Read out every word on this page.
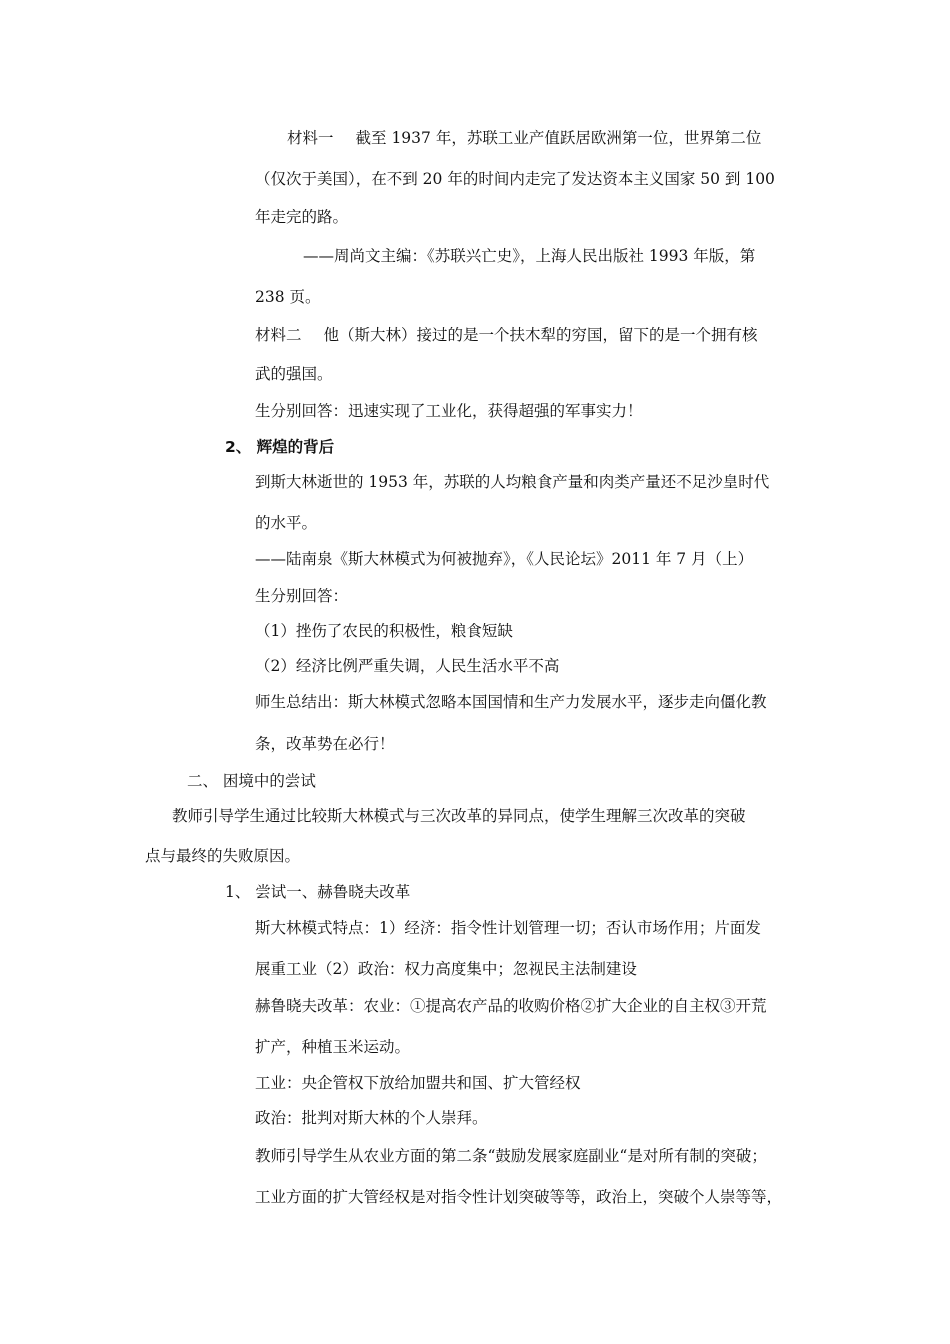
材料一 截至 1937 年，苏联工业产值跃居欧洲第一位，世界第二位
（仅次于美国），在不到 20 年的时间内走完了发达资本主义国家 50 到 100
年走完的路。
——周尚文主编：《苏联兴亡史》，上海人民出版社 1993 年版，第
238 页。
材料二 他（斯大林）接过的是一个扶木犁的穷国，留下的是一个拥有核
武的强国。
生分别回答：迅速实现了工业化，获得超强的军事实力！
2、 辉煌的背后
到斯大林逝世的 1953 年，苏联的人均粮食产量和肉类产量还不足沙皇时代
的水平。
——陆南泉《斯大林模式为何被抛弃》，《人民论坛》2011 年 7 月（上）
生分别回答：
（1）挫伤了农民的积极性，粮食短缺
（2）经济比例严重失调，人民生活水平不高
师生总结出：斯大林模式忽略本国国情和生产力发展水平，逐步走向僵化教
条，改革势在必行！
二、 困境中的尝试
教师引导学生通过比较斯大林模式与三次改革的异同点，使学生理解三次改革的突破
点与最终的失败原因。
1、 尝试一、赫鲁晓夫改革
斯大林模式特点：1）经济：指令性计划管理一切；否认市场作用；片面发
展重工业（2）政治：权力高度集中；忽视民主法制建设
赫鲁晓夫改革：农业：①提高农产品的收购价格②扩大企业的自主权③开荒
扩产，种植玉米运动。
工业：央企管权下放给加盟共和国、扩大管经权
政治：批判对斯大林的个人崇拜。
教师引导学生从农业方面的第二条“鼓励发展家庭副业“是对所有制的突破；
工业方面的扩大管经权是对指令性计划突破等等，政治上，突破个人崇等等，
